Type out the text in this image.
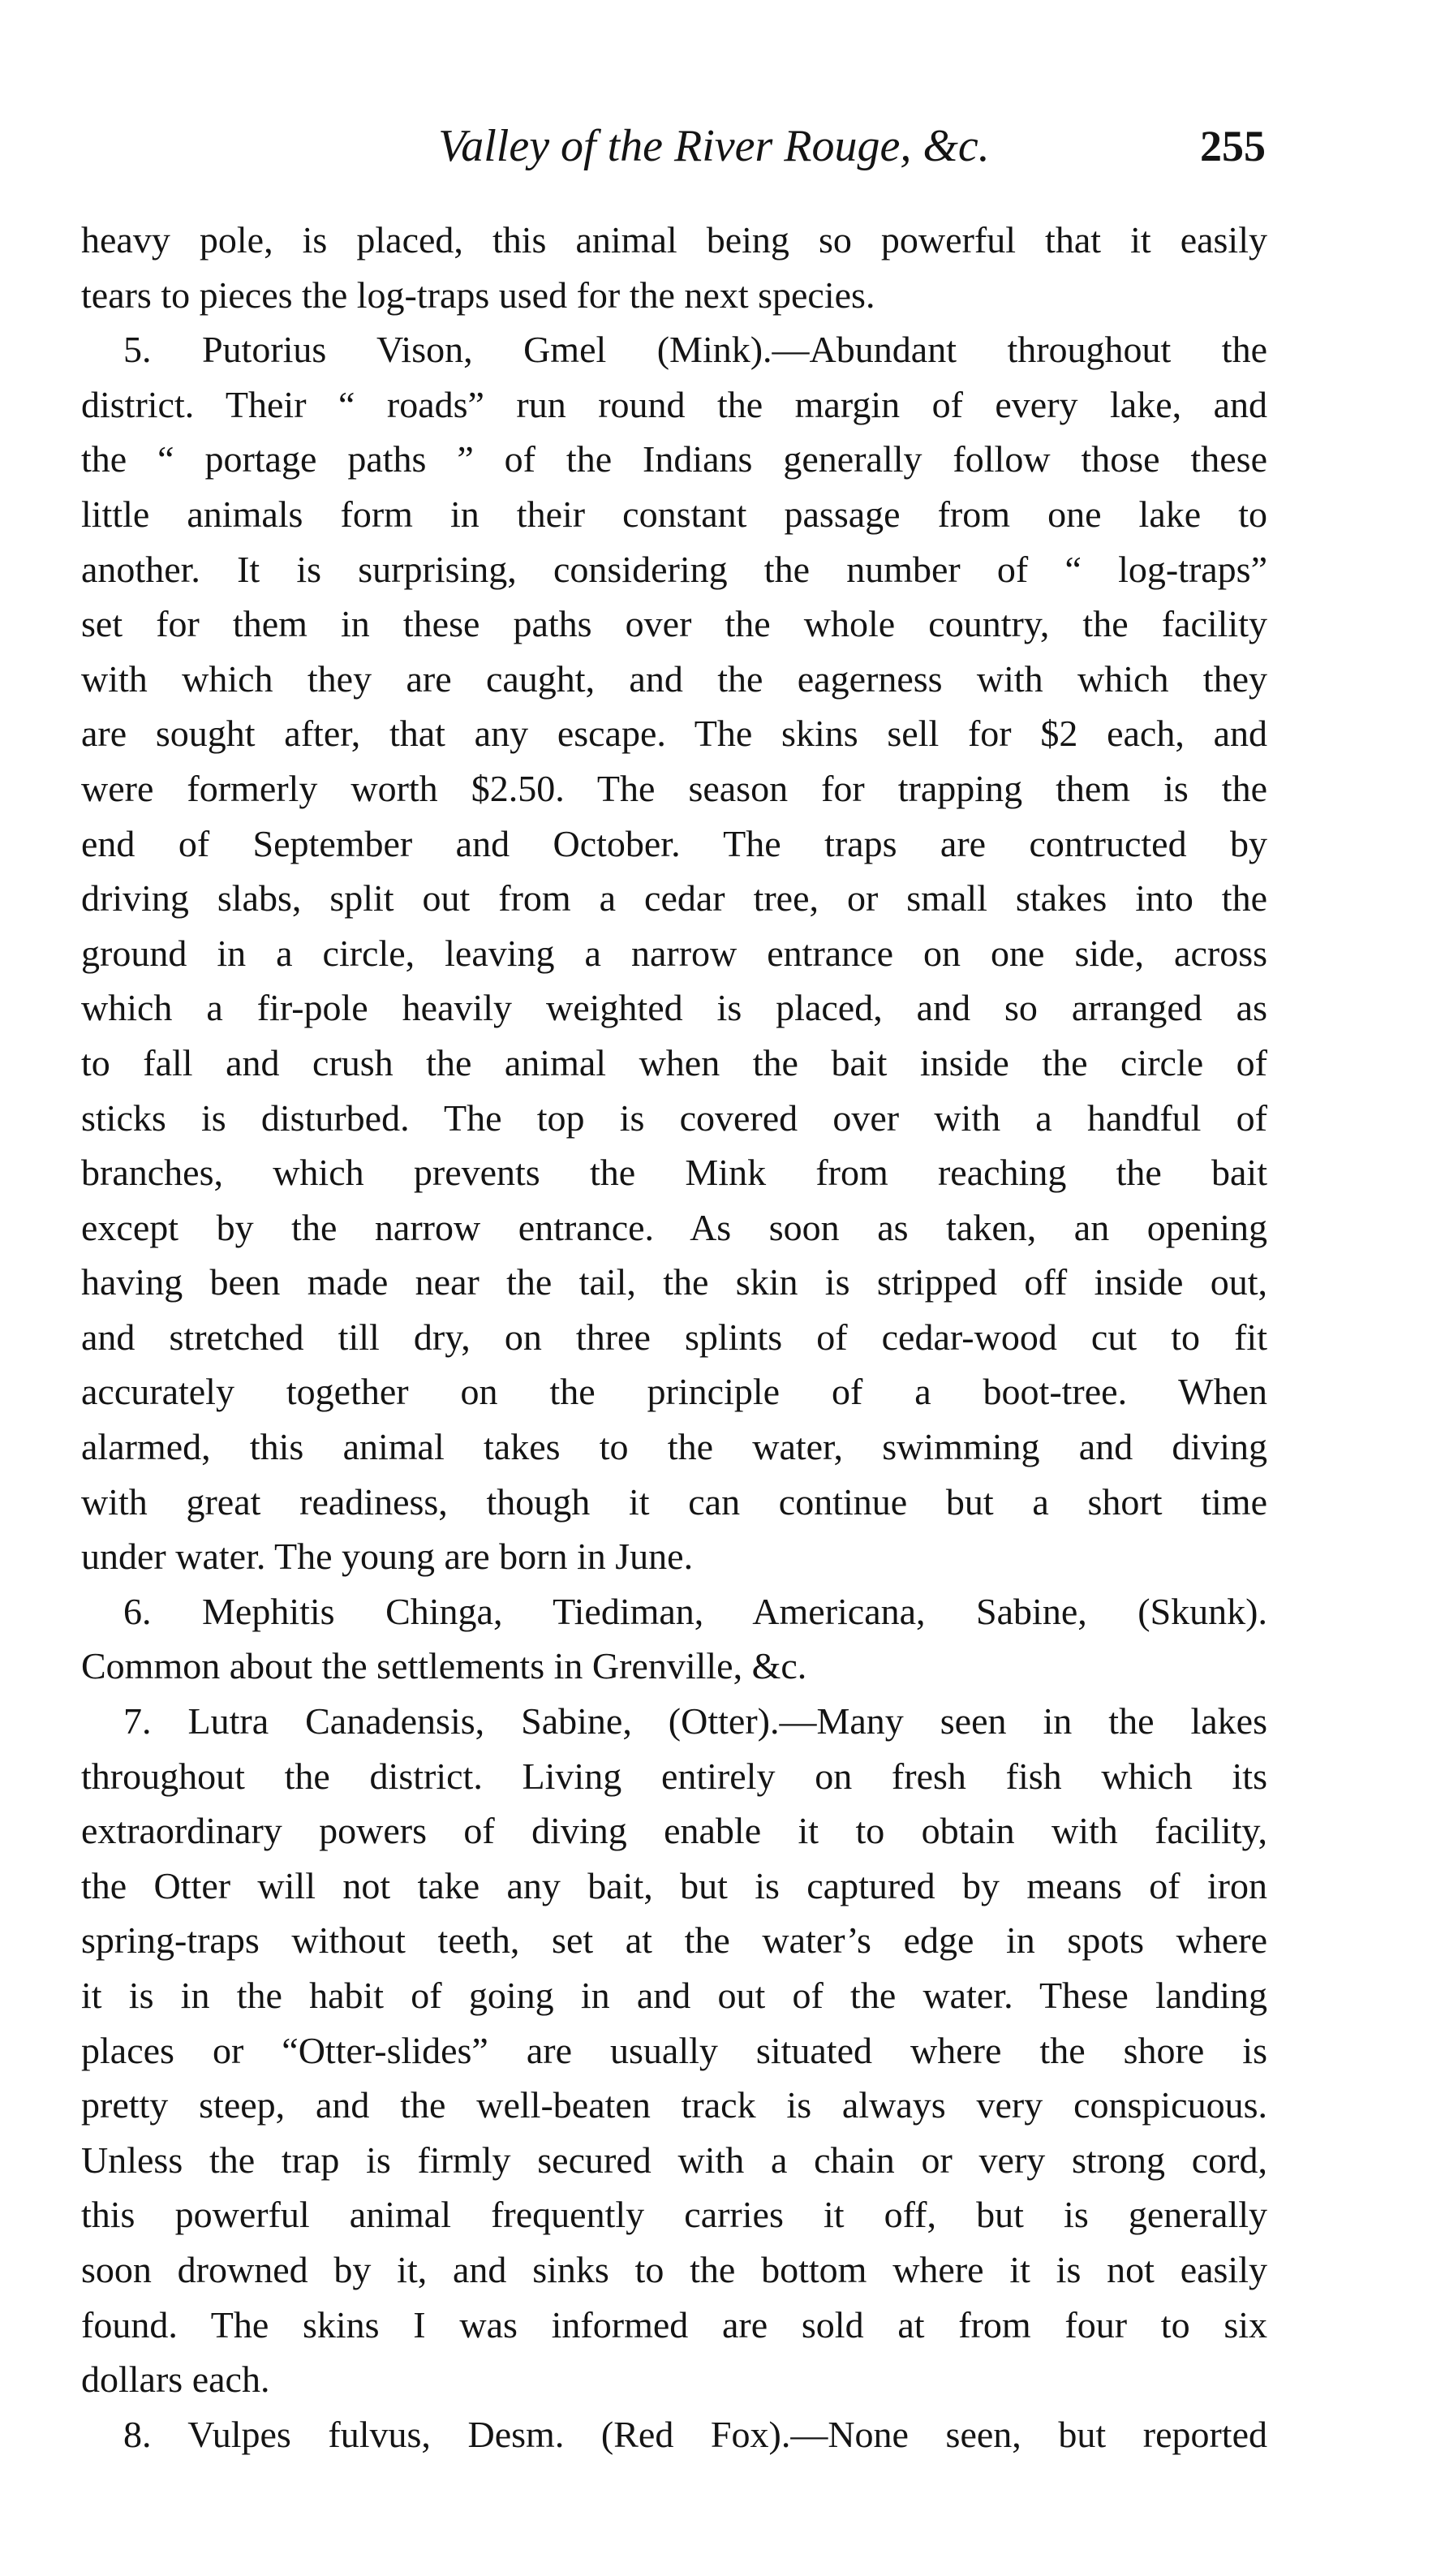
Valley of the River Rouge, &c.	255
heavy pole, is placed, this animal being so powerful that it easily
tears to pieces the log-traps used for the next species.
5. Putorius Vison, Gmel (Mink).—Abundant throughout the
district. Their “ roads” run round the margin of every lake, and
the “ portage paths ” of the Indians generally follow those these
little animals form in their constant passage from one lake to
another. It is surprising, considering the number of “ log-traps”
set for them in these paths over the whole country, the facility
with which they are caught, and the eagerness with which they
are sought after, that any escape. The skins sell for $2 each, and
were formerly worth $2.50. The season for trapping them is the
end of September and October. The traps are contructed by
driving slabs, split out from a cedar tree, or small stakes into the
ground in a circle, leaving a narrow entrance on one side, across
which a fir-pole heavily weighted is placed, and so arranged as
to fall and crush the animal when the bait inside the circle of
sticks is disturbed. The top is covered over with a handful of
branches, which prevents the Mink from reaching the bait
except by the narrow entrance. As soon as taken, an opening
having been made near the tail, the skin is stripped off inside out,
and stretched till dry, on three splints of cedar-wood cut to fit
accurately together on the principle of a boot-tree. When
alarmed, this animal takes to the water, swimming and diving
with great readiness, though it can continue but a short time
under water. The young are born in June.
6. Mephitis Chinga, Tiediman, Americana, Sabine, (Skunk).
Common about the settlements in Grenville, &c.
7. Lutra Canadensis, Sabine, (Otter).—Many seen in the lakes
throughout the district. Living entirely on fresh fish which its
extraordinary powers of diving enable it to obtain with facility,
the Otter will not take any bait, but is captured by means of iron
spring-traps without teeth, set at the water’s edge in spots where
it is in the habit of going in and out of the water. These landing
places or “Otter-slides” are usually situated where the shore is
pretty steep, and the well-beaten track is always very conspicuous.
Unless the trap is firmly secured with a chain or very strong cord,
this powerful animal frequently carries it off, but is generally
soon drowned by it, and sinks to the bottom where it is not easily
found. The skins I was informed are sold at from four to six
dollars each.
8. Vulpes fulvus, Desm. (Red Fox).—None seen, but reported
